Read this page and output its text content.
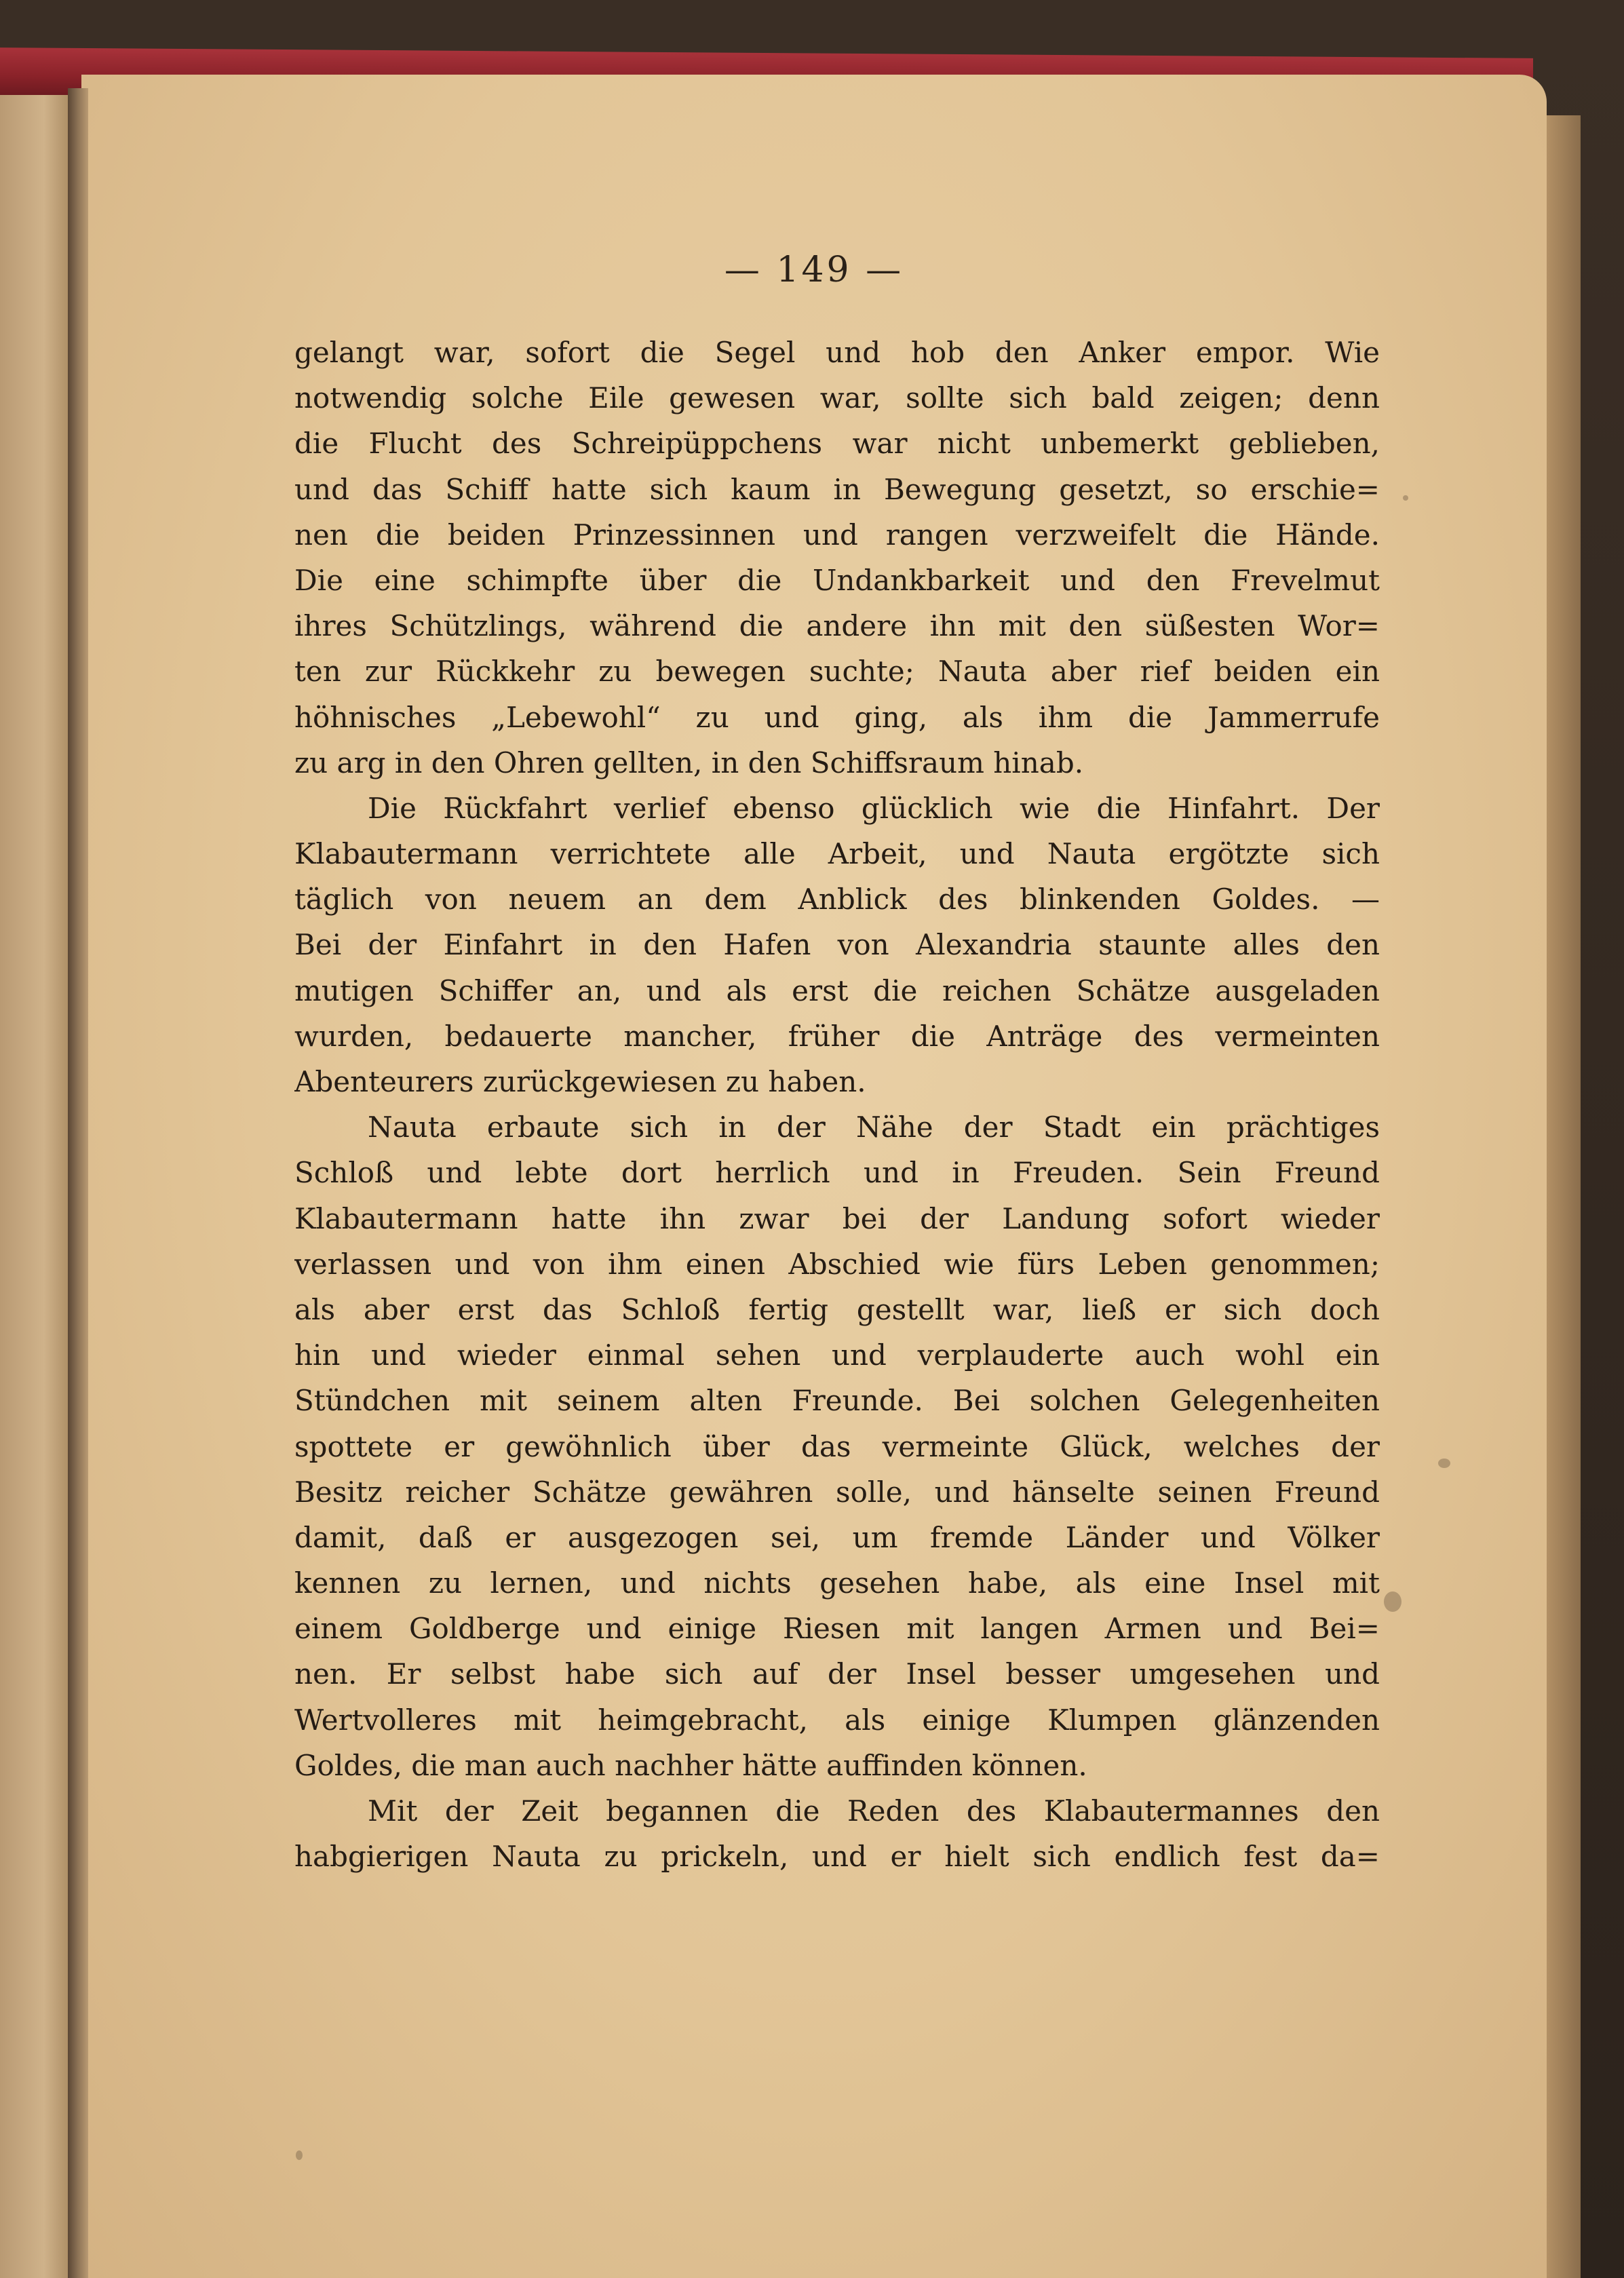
— 149 —
gelangt war, sofort die Segel und hob den Anker empor. Wie
notwendig solche Eile gewesen war, sollte sich bald zeigen; denn
die Flucht des Schreipüppchens war nicht unbemerkt geblieben,
und das Schiff hatte sich kaum in Bewegung gesetzt, so erschie=
nen die beiden Prinzessinnen und rangen verzweifelt die Hände.
Die eine schimpfte über die Undankbarkeit und den Frevelmut
ihres Schützlings, während die andere ihn mit den süßesten Wor=
ten zur Rückkehr zu bewegen suchte; Nauta aber rief beiden ein
höhnisches „Lebewohl“ zu und ging, als ihm die Jammerrufe
zu arg in den Ohren gellten, in den Schiffsraum hinab.
Die Rückfahrt verlief ebenso glücklich wie die Hinfahrt. Der
Klabautermann verrichtete alle Arbeit, und Nauta ergötzte sich
täglich von neuem an dem Anblick des blinkenden Goldes. —
Bei der Einfahrt in den Hafen von Alexandria staunte alles den
mutigen Schiffer an, und als erst die reichen Schätze ausgeladen
wurden, bedauerte mancher, früher die Anträge des vermeinten
Abenteurers zurückgewiesen zu haben.
Nauta erbaute sich in der Nähe der Stadt ein prächtiges
Schloß und lebte dort herrlich und in Freuden. Sein Freund
Klabautermann hatte ihn zwar bei der Landung sofort wieder
verlassen und von ihm einen Abschied wie fürs Leben genommen;
als aber erst das Schloß fertig gestellt war, ließ er sich doch
hin und wieder einmal sehen und verplauderte auch wohl ein
Stündchen mit seinem alten Freunde. Bei solchen Gelegenheiten
spottete er gewöhnlich über das vermeinte Glück, welches der
Besitz reicher Schätze gewähren solle, und hänselte seinen Freund
damit, daß er ausgezogen sei, um fremde Länder und Völker
kennen zu lernen, und nichts gesehen habe, als eine Insel mit
einem Goldberge und einige Riesen mit langen Armen und Bei=
nen. Er selbst habe sich auf der Insel besser umgesehen und
Wertvolleres mit heimgebracht, als einige Klumpen glänzenden
Goldes, die man auch nachher hätte auffinden können.
Mit der Zeit begannen die Reden des Klabautermannes den
habgierigen Nauta zu prickeln, und er hielt sich endlich fest da=
